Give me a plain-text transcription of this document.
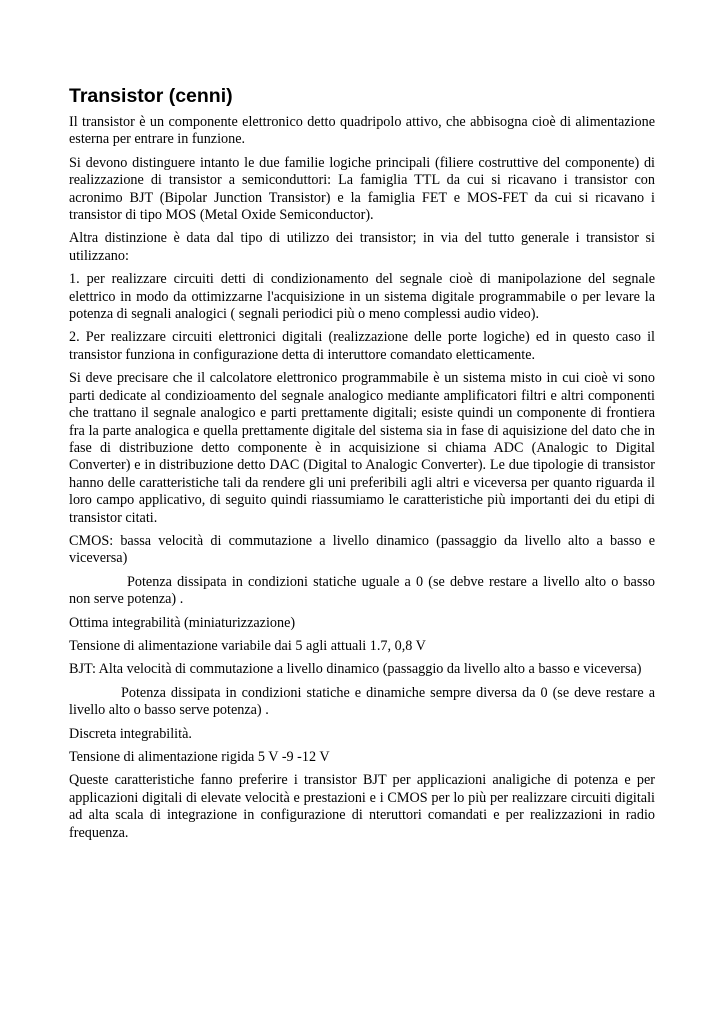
Transistor (cenni)

Il transistor è un componente elettronico detto quadripolo attivo, che abbisogna cioè di alimentazione esterna per entrare in funzione.

Si devono distinguere intanto le due familie logiche principali (filiere costruttive del componente) di realizzazione di transistor a semiconduttori: La famiglia TTL da cui si ricavano i transistor con acronimo BJT (Bipolar Junction Transistor) e la famiglia FET e MOS-FET da cui si ricavano i transistor di tipo MOS (Metal Oxide Semiconductor).

Altra distinzione è data dal tipo di utilizzo dei transistor; in via del tutto generale i transistor si utilizzano:

1. per realizzare circuiti detti di condizionamento del segnale cioè di manipolazione del segnale elettrico in modo da ottimizzarne l'acquisizione in un sistema digitale programmabile o per levare la potenza di segnali analogici ( segnali periodici più o meno complessi audio video).

2. Per realizzare circuiti elettronici digitali (realizzazione delle porte logiche) ed in questo caso il transistor funziona in configurazione detta di interuttore comandato eletticamente.

Si deve precisare che il calcolatore elettronico programmabile è un sistema misto in cui cioè vi sono parti dedicate al condizioamento del segnale analogico mediante amplificatori filtri e altri componenti che trattano il segnale analogico e parti prettamente digitali; esiste quindi un componente di frontiera fra la parte analogica e quella prettamente digitale del sistema sia in fase di aquisizione del dato che in fase di distribuzione detto componente è in acquisizione si chiama ADC (Analogic to Digital Converter) e in distribuzione detto DAC (Digital to Analogic Converter). Le due tipologie di transistor hanno delle caratteristiche tali da rendere gli uni preferibili agli altri e viceversa per quanto riguarda il loro campo applicativo, di seguito quindi riassumiamo le caratteristiche più importanti dei du etipi di transistor citati.

CMOS: bassa velocità di commutazione a livello dinamico (passaggio da livello alto a basso e viceversa)

Potenza dissipata in condizioni statiche uguale a 0 (se debve restare a livello alto o basso non serve potenza) .

Ottima integrabilità (miniaturizzazione)

Tensione di alimentazione variabile dai 5 agli attuali 1.7, 0,8 V

BJT: Alta velocità di commutazione a livello dinamico (passaggio da livello alto a basso e viceversa)

Potenza dissipata in condizioni statiche e dinamiche sempre diversa da 0 (se deve restare a livello alto o basso serve potenza) .

Discreta integrabilità.

Tensione di alimentazione rigida 5 V -9 -12 V

Queste caratteristiche fanno preferire i transistor BJT per applicazioni analigiche di potenza e per applicazioni digitali di elevate velocità e prestazioni e i CMOS per lo più per realizzare circuiti digitali ad alta scala di integrazione in configurazione di nteruttori comandati e per realizzazioni in radio frequenza.
